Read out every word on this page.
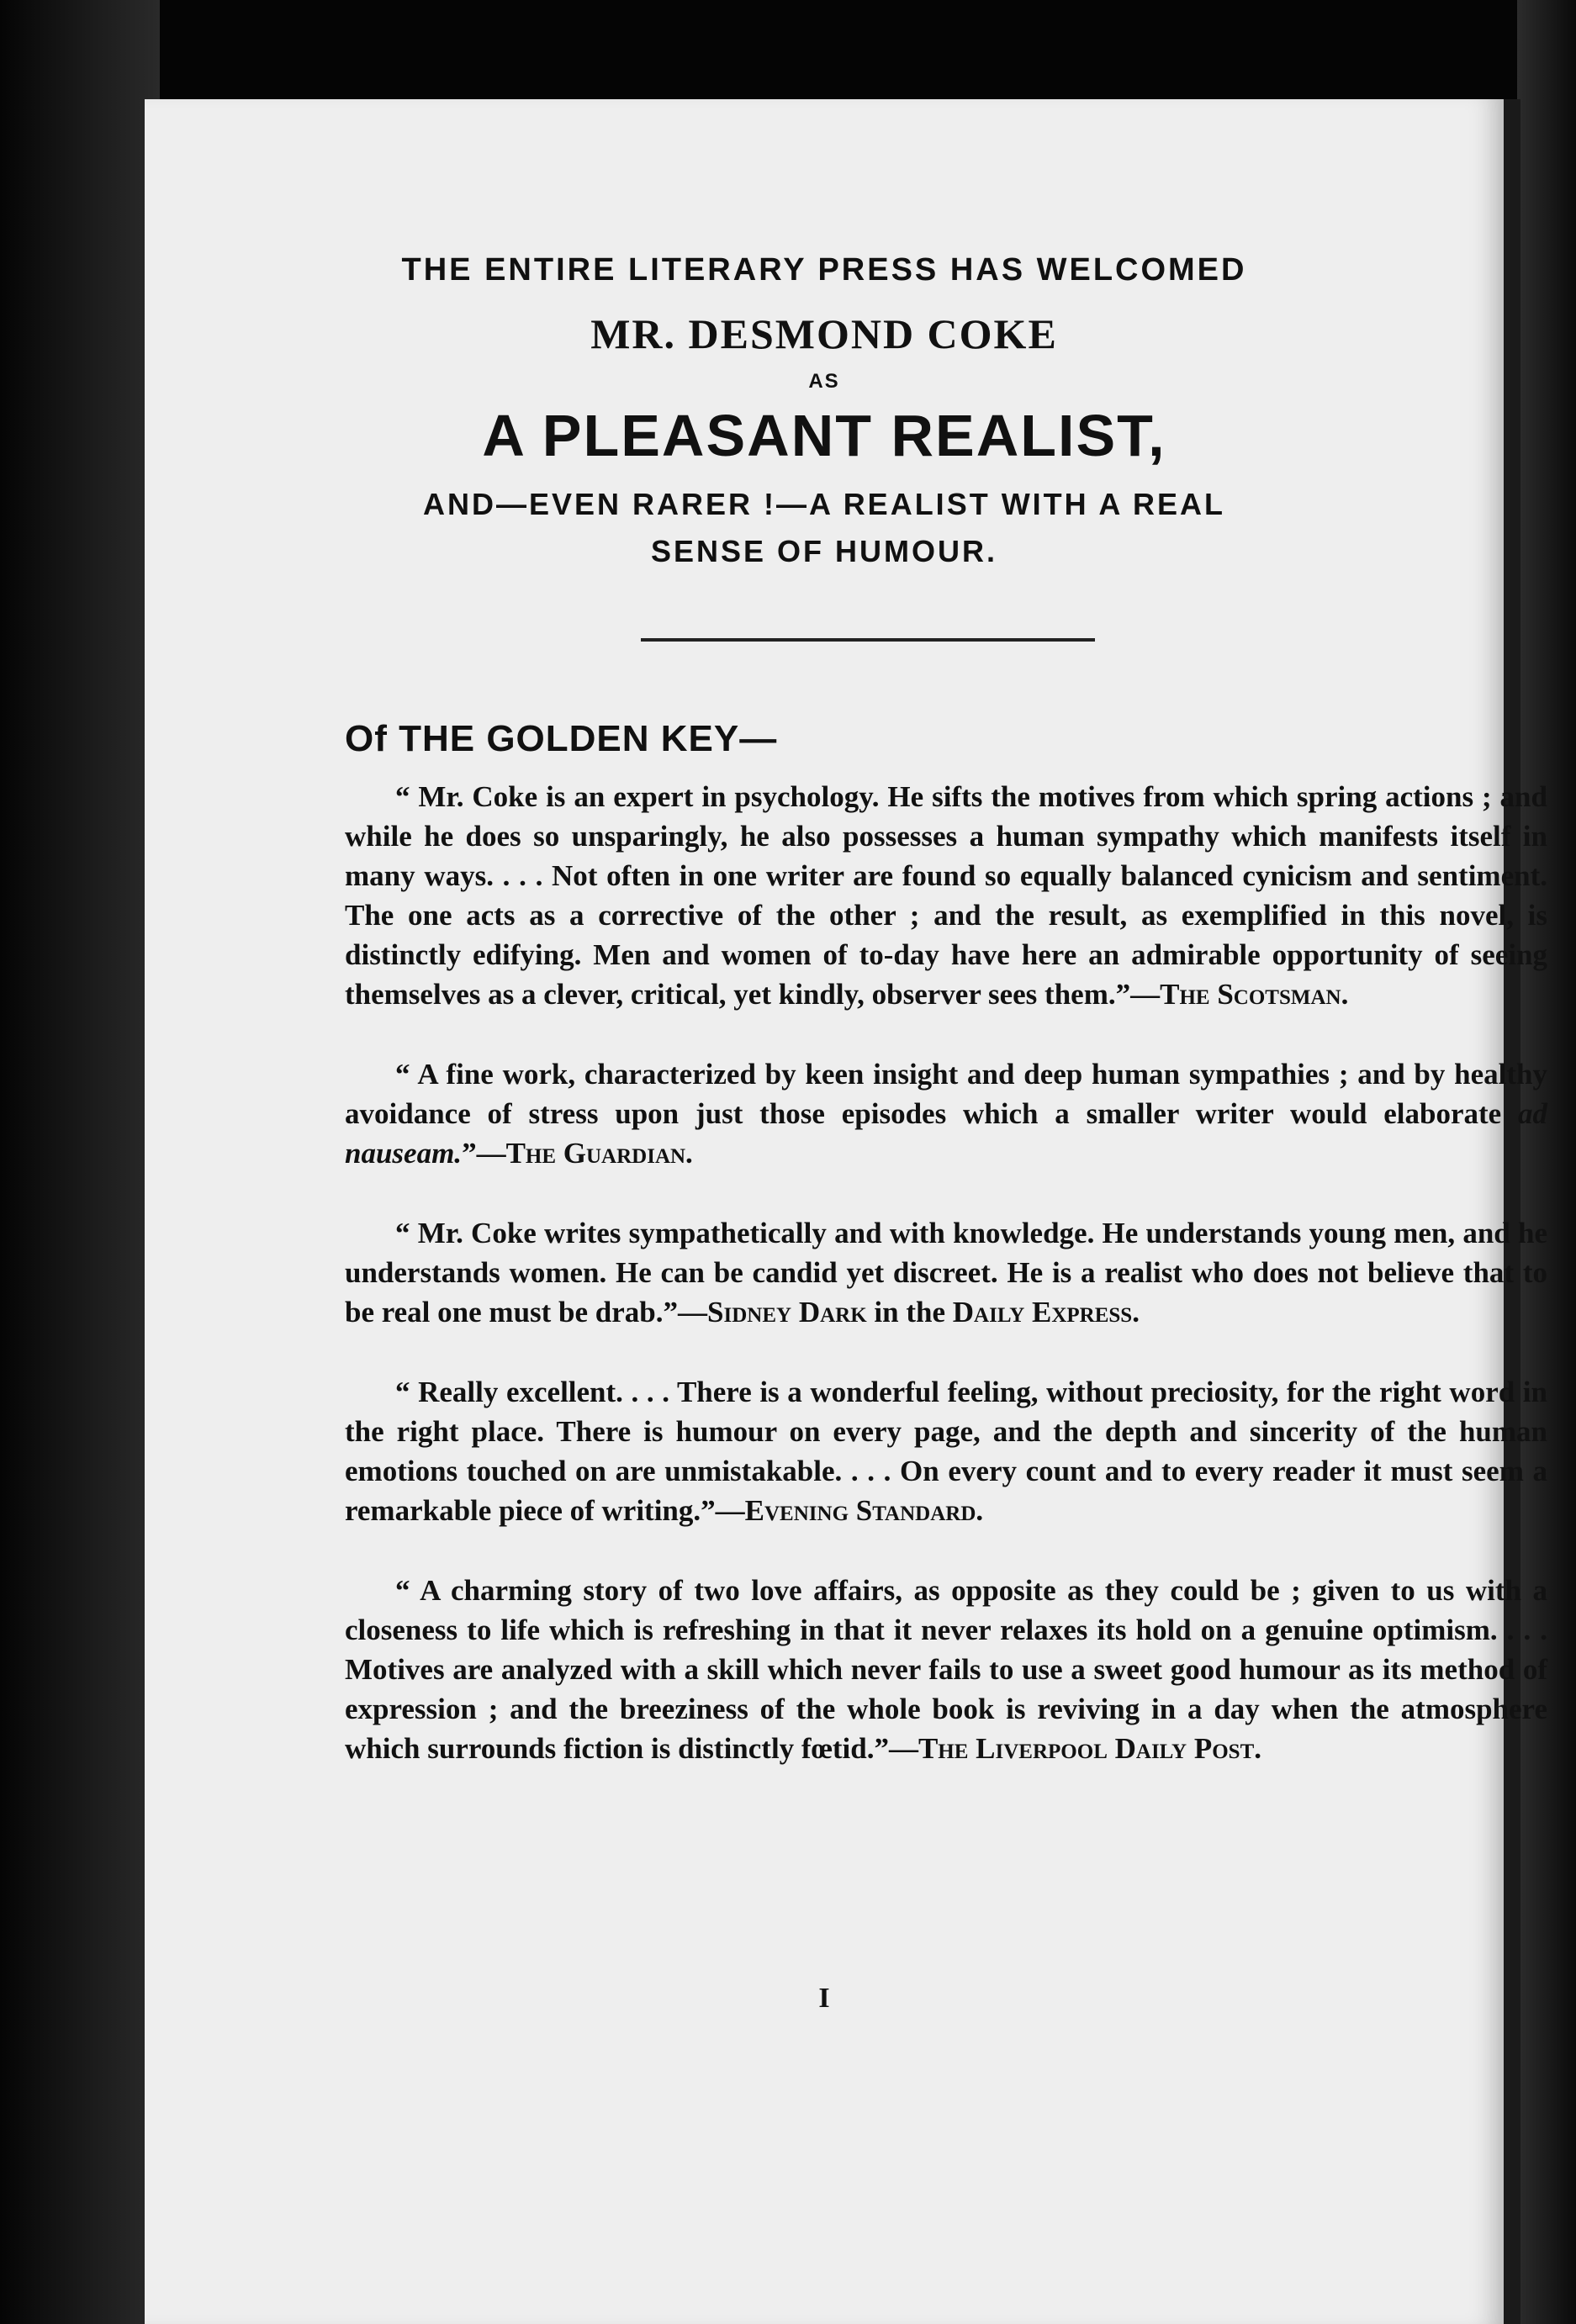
THE ENTIRE LITERARY PRESS HAS WELCOMED
MR. DESMOND COKE
AS
A PLEASANT REALIST,
AND—EVEN RARER !—A REALIST WITH A REAL
SENSE OF HUMOUR.
Of THE GOLDEN KEY—

“ Mr. Coke is an expert in psychology. He sifts the motives from which spring actions ; and while he does so unsparingly, he also possesses a human sympathy which manifests itself in many ways. . . . Not often in one writer are found so equally balanced cynicism and sentiment. The one acts as a corrective of the other ; and the result, as exemplified in this novel, is distinctly edifying. Men and women of to-day have here an admirable opportunity of seeing themselves as a clever, critical, yet kindly, observer sees them.”—The Scotsman.

“ A fine work, characterized by keen insight and deep human sympathies ; and by healthy avoidance of stress upon just those episodes which a smaller writer would elaborate ad nauseam.”—The Guardian.

“ Mr. Coke writes sympathetically and with knowledge. He understands young men, and he understands women. He can be candid yet discreet. He is a realist who does not believe that to be real one must be drab.”—Sidney Dark in the Daily Express.

“ Really excellent. . . . There is a wonderful feeling, without preciosity, for the right word in the right place. There is humour on every page, and the depth and sincerity of the human emotions touched on are unmistakable. . . . On every count and to every reader it must seem a remarkable piece of writing.”—Evening Standard.

“ A charming story of two love affairs, as opposite as they could be ; given to us with a closeness to life which is refreshing in that it never relaxes its hold on a genuine optimism. . . . Motives are analyzed with a skill which never fails to use a sweet good humour as its method of expression ; and the breeziness of the whole book is reviving in a day when the atmosphere which surrounds fiction is distinctly fœtid.”—The Liverpool Daily Post.

I
